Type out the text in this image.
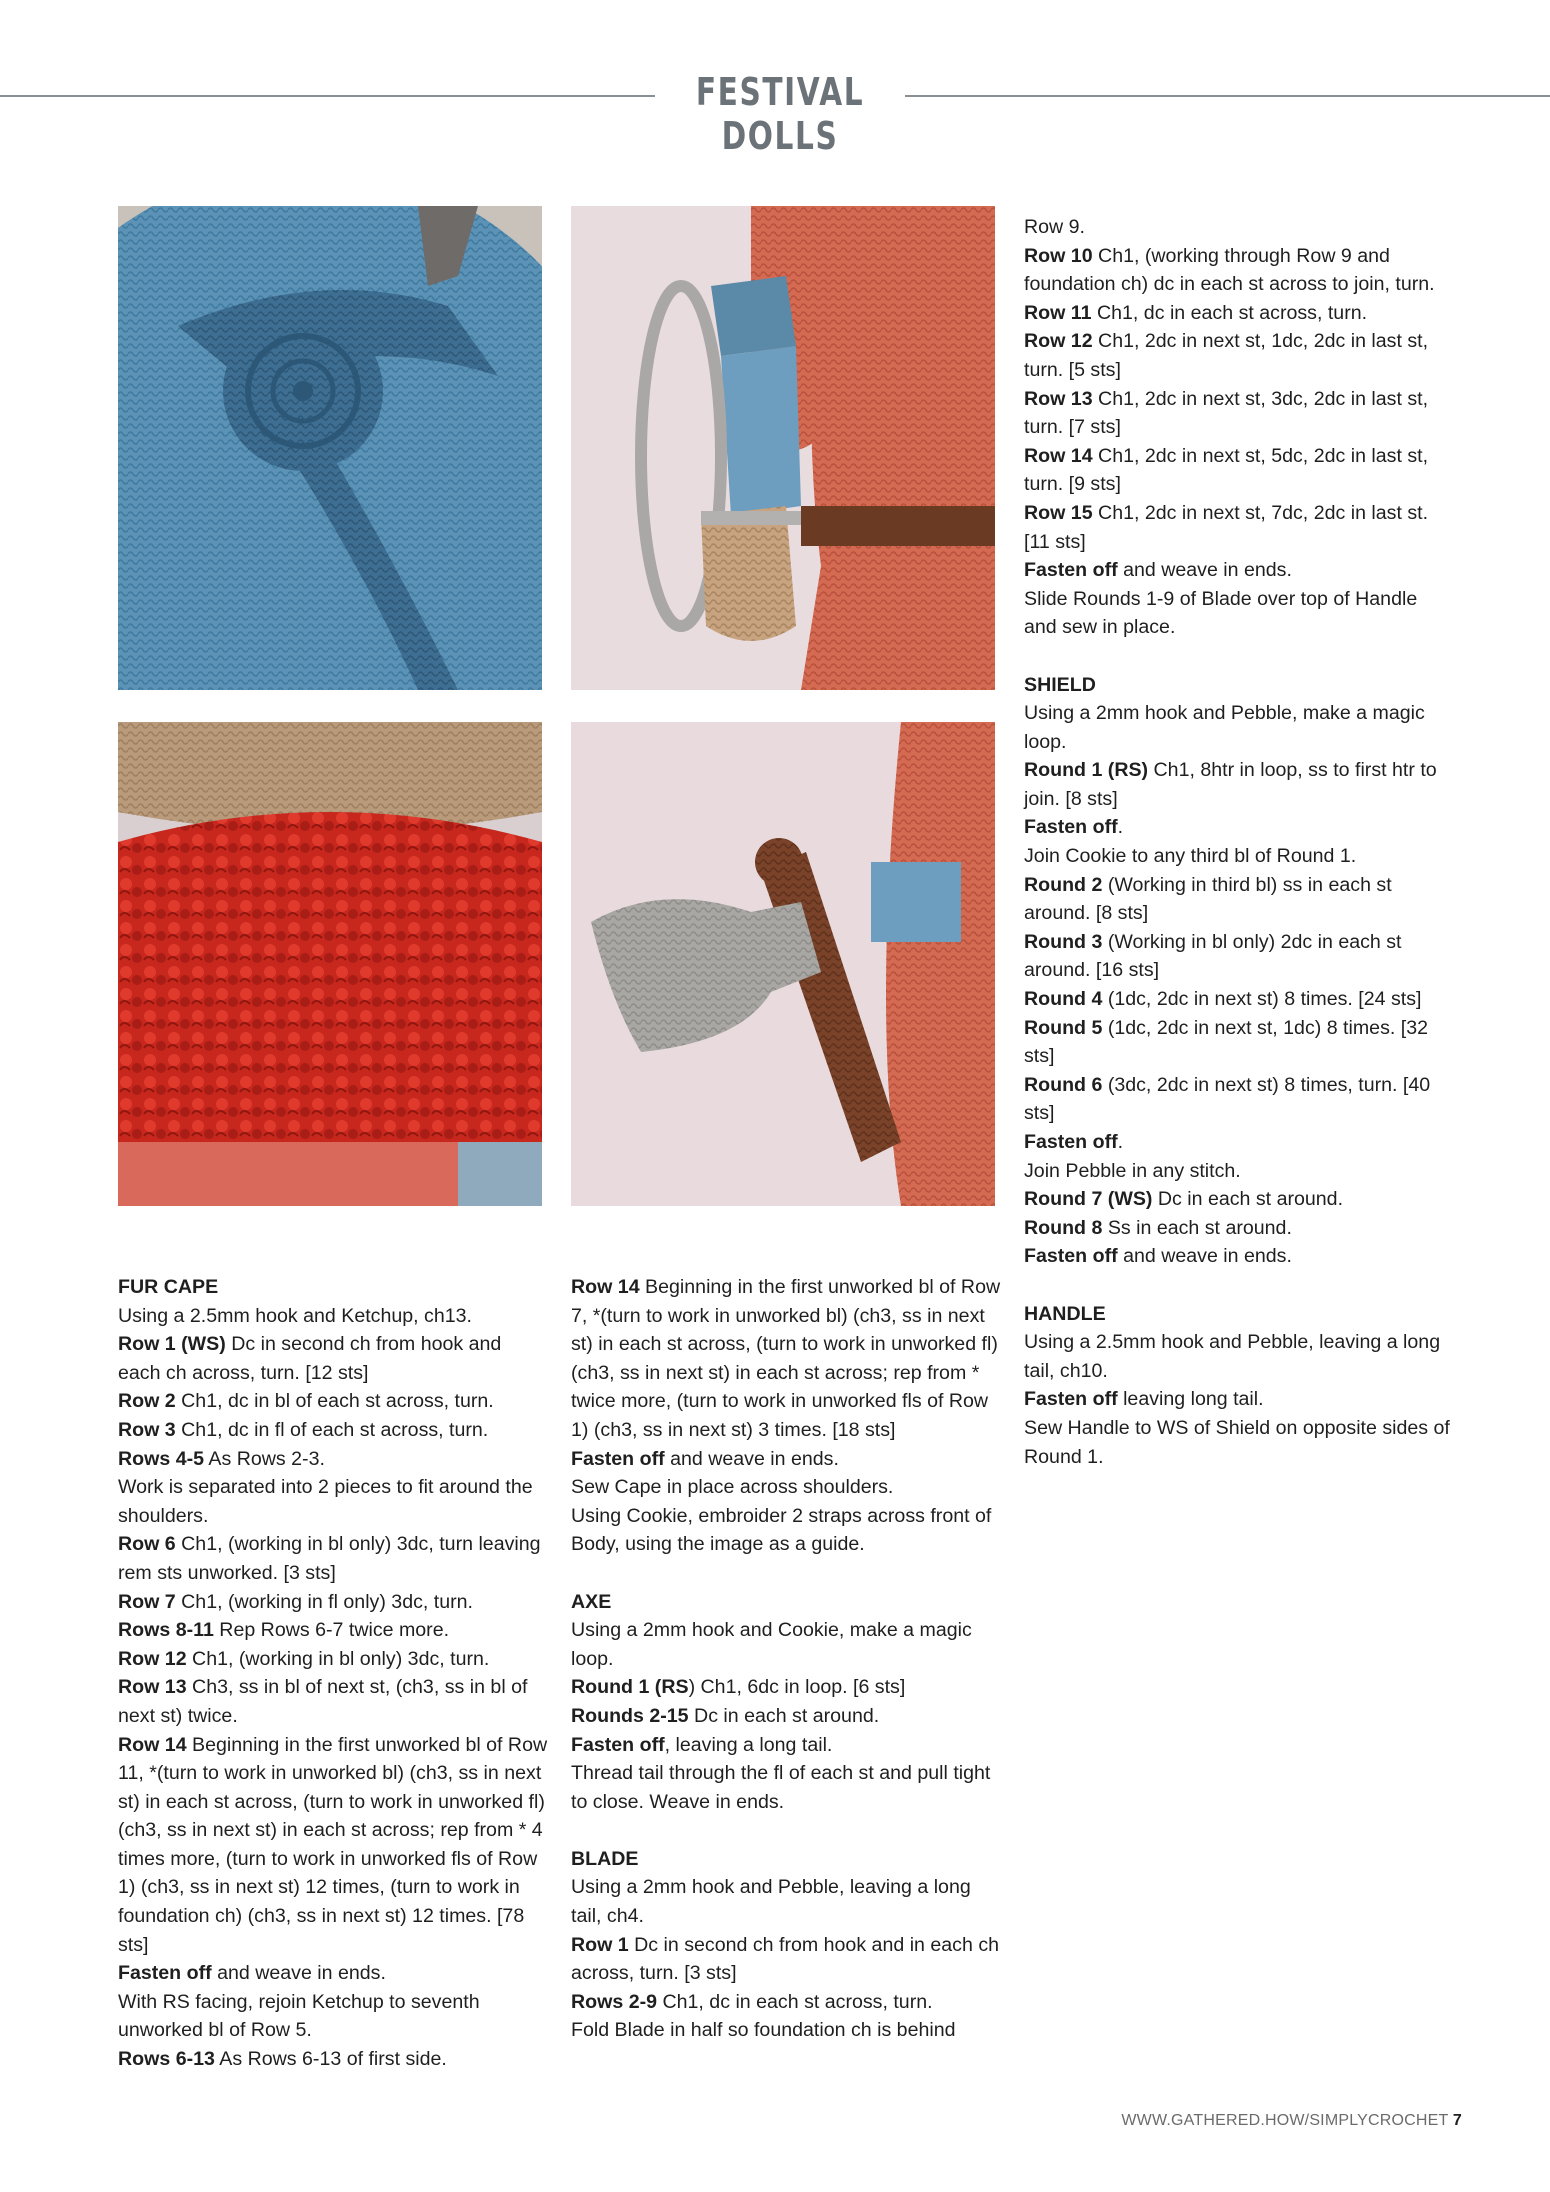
FESTIVAL DOLLS
FUR CAPE

Using a 2.5mm hook and Ketchup, ch13.

Row 1 (WS) Dc in second ch from hook and each ch across, turn. [12 sts]

Row 2 Ch1, dc in bl of each st across, turn.

Row 3 Ch1, dc in fl of each st across, turn.

Rows 4-5 As Rows 2-3.

Work is separated into 2 pieces to fit around the shoulders.

Row 6 Ch1, (working in bl only) 3dc, turn leaving rem sts unworked. [3 sts]

Row 7 Ch1, (working in fl only) 3dc, turn.

Rows 8-11 Rep Rows 6-7 twice more.

Row 12 Ch1, (working in bl only) 3dc, turn.

Row 13 Ch3, ss in bl of next st, (ch3, ss in bl of next st) twice.

Row 14 Beginning in the first unworked bl of Row 11, *(turn to work in unworked bl) (ch3, ss in next st) in each st across, (turn to work in unworked fl) (ch3, ss in next st) in each st across; rep from * 4 times more, (turn to work in unworked fls of Row 1) (ch3, ss in next st) 12 times, (turn to work in foundation ch) (ch3, ss in next st) 12 times. [78 sts]

Fasten off and weave in ends.

With RS facing, rejoin Ketchup to seventh unworked bl of Row 5.

Rows 6-13 As Rows 6-13 of first side.

Row 14 Beginning in the first unworked bl of Row 7, *(turn to work in unworked bl) (ch3, ss in next st) in each st across, (turn to work in unworked fl) (ch3, ss in next st) in each st across; rep from * twice more, (turn to work in unworked fls of Row 1) (ch3, ss in next st) 3 times. [18 sts]

Fasten off and weave in ends.

Sew Cape in place across shoulders.

Using Cookie, embroider 2 straps across front of Body, using the image as a guide.

AXE

Using a 2mm hook and Cookie, make a magic loop.

Round 1 (RS) Ch1, 6dc in loop. [6 sts]

Rounds 2-15 Dc in each st around.

Fasten off, leaving a long tail.

Thread tail through the fl of each st and pull tight to close. Weave in ends.

BLADE

Using a 2mm hook and Pebble, leaving a long tail, ch4.

Row 1 Dc in second ch from hook and in each ch across, turn. [3 sts]

Rows 2-9 Ch1, dc in each st across, turn.

Fold Blade in half so foundation ch is behind

Row 9.

Row 10 Ch1, (working through Row 9 and foundation ch) dc in each st across to join, turn.

Row 11 Ch1, dc in each st across, turn.

Row 12 Ch1, 2dc in next st, 1dc, 2dc in last st, turn. [5 sts]

Row 13 Ch1, 2dc in next st, 3dc, 2dc in last st, turn. [7 sts]

Row 14 Ch1, 2dc in next st, 5dc, 2dc in last st, turn. [9 sts]

Row 15 Ch1, 2dc in next st, 7dc, 2dc in last st. [11 sts]

Fasten off and weave in ends.

Slide Rounds 1-9 of Blade over top of Handle and sew in place.

SHIELD

Using a 2mm hook and Pebble, make a magic loop.

Round 1 (RS) Ch1, 8htr in loop, ss to first htr to join. [8 sts]

Fasten off.

Join Cookie to any third bl of Round 1.

Round 2 (Working in third bl) ss in each st around. [8 sts]

Round 3 (Working in bl only) 2dc in each st around. [16 sts]

Round 4 (1dc, 2dc in next st) 8 times. [24 sts]

Round 5 (1dc, 2dc in next st, 1dc) 8 times. [32 sts]

Round 6 (3dc, 2dc in next st) 8 times, turn. [40 sts]

Fasten off.

Join Pebble in any stitch.

Round 7 (WS) Dc in each st around.

Round 8 Ss in each st around.

Fasten off and weave in ends.

HANDLE

Using a 2.5mm hook and Pebble, leaving a long tail, ch10.

Fasten off leaving long tail.

Sew Handle to WS of Shield on opposite sides of Round 1.

WWW.GATHERED.HOW/SIMPLYCROCHET 7
